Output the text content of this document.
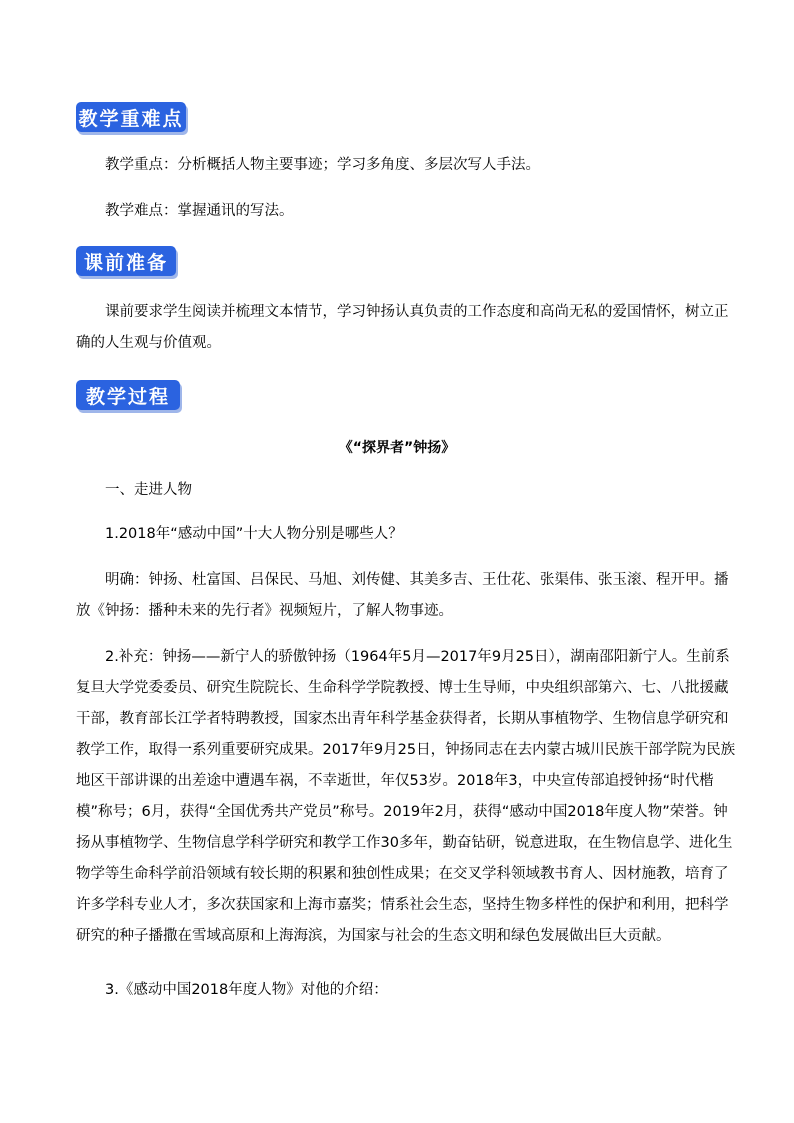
教学重难点

教学重点：分析概括人物主要事迹；学习多角度、多层次写人手法。

教学难点：掌握通讯的写法。

课前准备

课前要求学生阅读并梳理文本情节，学习钟扬认真负责的工作态度和高尚无私的爱国情怀，树立正确的人生观与价值观。

教学过程
《“探界者”钟扬》

一、走进人物

1.2018年“感动中国”十大人物分别是哪些人？

明确：钟扬、杜富国、吕保民、马旭、刘传健、其美多吉、王仕花、张渠伟、张玉滚、程开甲。播放《钟扬：播种未来的先行者》视频短片，了解人物事迹。

2.补充：钟扬——新宁人的骄傲钟扬（1964年5月—2017年9月25日），湖南邵阳新宁人。生前系复旦大学党委委员、研究生院院长、生命科学学院教授、博士生导师，中央组织部第六、七、八批援藏干部，教育部长江学者特聘教授，国家杰出青年科学基金获得者，长期从事植物学、生物信息学研究和教学工作，取得一系列重要研究成果。2017年9月25日，钟扬同志在去内蒙古城川民族干部学院为民族地区干部讲课的出差途中遭遇车祸，不幸逝世，年仅53岁。2018年3，中央宣传部追授钟扬“时代楷模”称号；6月，获得“全国优秀共产党员”称号。2019年2月，获得“感动中国2018年度人物”荣誉。钟扬从事植物学、生物信息学科学研究和教学工作30多年，勤奋钻研，锐意进取，在生物信息学、进化生物学等生命科学前沿领域有较长期的积累和独创性成果；在交叉学科领域教书育人、因材施教，培育了许多学科专业人才，多次获国家和上海市嘉奖；情系社会生态，坚持生物多样性的保护和利用，把科学研究的种子播撒在雪域高原和上海海滨，为国家与社会的生态文明和绿色发展做出巨大贡献。

3.《感动中国2018年度人物》对他的介绍：
